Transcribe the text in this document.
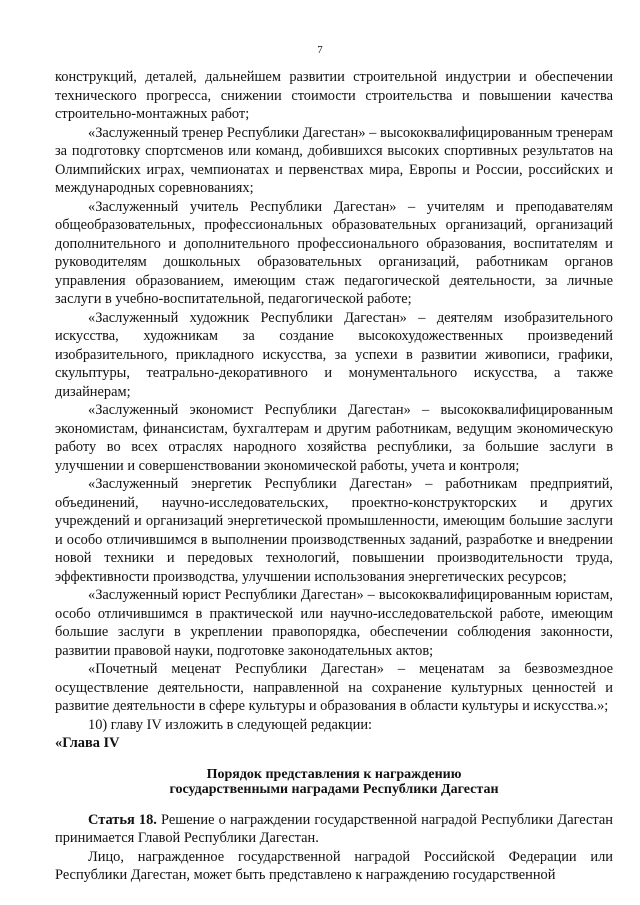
7

конструкций, деталей, дальнейшем развитии строительной индустрии и обеспечении технического прогресса, снижении стоимости строительства и повышении качества строительно-монтажных работ;

«Заслуженный тренер Республики Дагестан» – высококвалифицированным тренерам за подготовку спортсменов или команд, добившихся высоких спортивных результатов на Олимпийских играх, чемпионатах и первенствах мира, Европы и России, российских и международных соревнованиях;

«Заслуженный учитель Республики Дагестан» – учителям и преподавателям общеобразовательных, профессиональных образовательных организаций, организаций дополнительного и дополнительного профессионального образования, воспитателям и руководителям дошкольных образовательных организаций, работникам органов управления образованием, имеющим стаж педагогической деятельности, за личные заслуги в учебно-воспитательной, педагогической работе;

«Заслуженный художник Республики Дагестан» – деятелям изобразительного искусства, художникам за создание высокохудожественных произведений изобразительного, прикладного искусства, за успехи в развитии живописи, графики, скульптуры, театрально-декоративного и монументального искусства, а также дизайнерам;

«Заслуженный экономист Республики Дагестан» – высококвалифицированным экономистам, финансистам, бухгалтерам и другим работникам, ведущим экономическую работу во всех отраслях народного хозяйства республики, за большие заслуги в улучшении и совершенствовании экономической работы, учета и контроля;

«Заслуженный энергетик Республики Дагестан» – работникам предприятий, объединений, научно-исследовательских, проектно-конструкторских и других учреждений и организаций энергетической промышленности, имеющим большие заслуги и особо отличившимся в выполнении производственных заданий, разработке и внедрении новой техники и передовых технологий, повышении производительности труда, эффективности производства, улучшении использования энергетических ресурсов;

«Заслуженный юрист Республики Дагестан» – высококвалифицированным юристам, особо отличившимся в практической или научно-исследовательской работе, имеющим большие заслуги в укреплении правопорядка, обеспечении соблюдения законности, развитии правовой науки, подготовке законодательных актов;

«Почетный меценат Республики Дагестан» – меценатам за безвозмездное осуществление деятельности, направленной на сохранение культурных ценностей и развитие деятельности в сфере культуры и образования в области культуры и искусства.»;

10) главу IV изложить в следующей редакции:

«Глава IV

Порядок представления к награждению
государственными наградами Республики Дагестан

Статья 18. Решение о награждении государственной наградой Республики Дагестан принимается Главой Республики Дагестан.

Лицо, награжденное государственной наградой Российской Федерации или Республики Дагестан, может быть представлено к награждению государственной
